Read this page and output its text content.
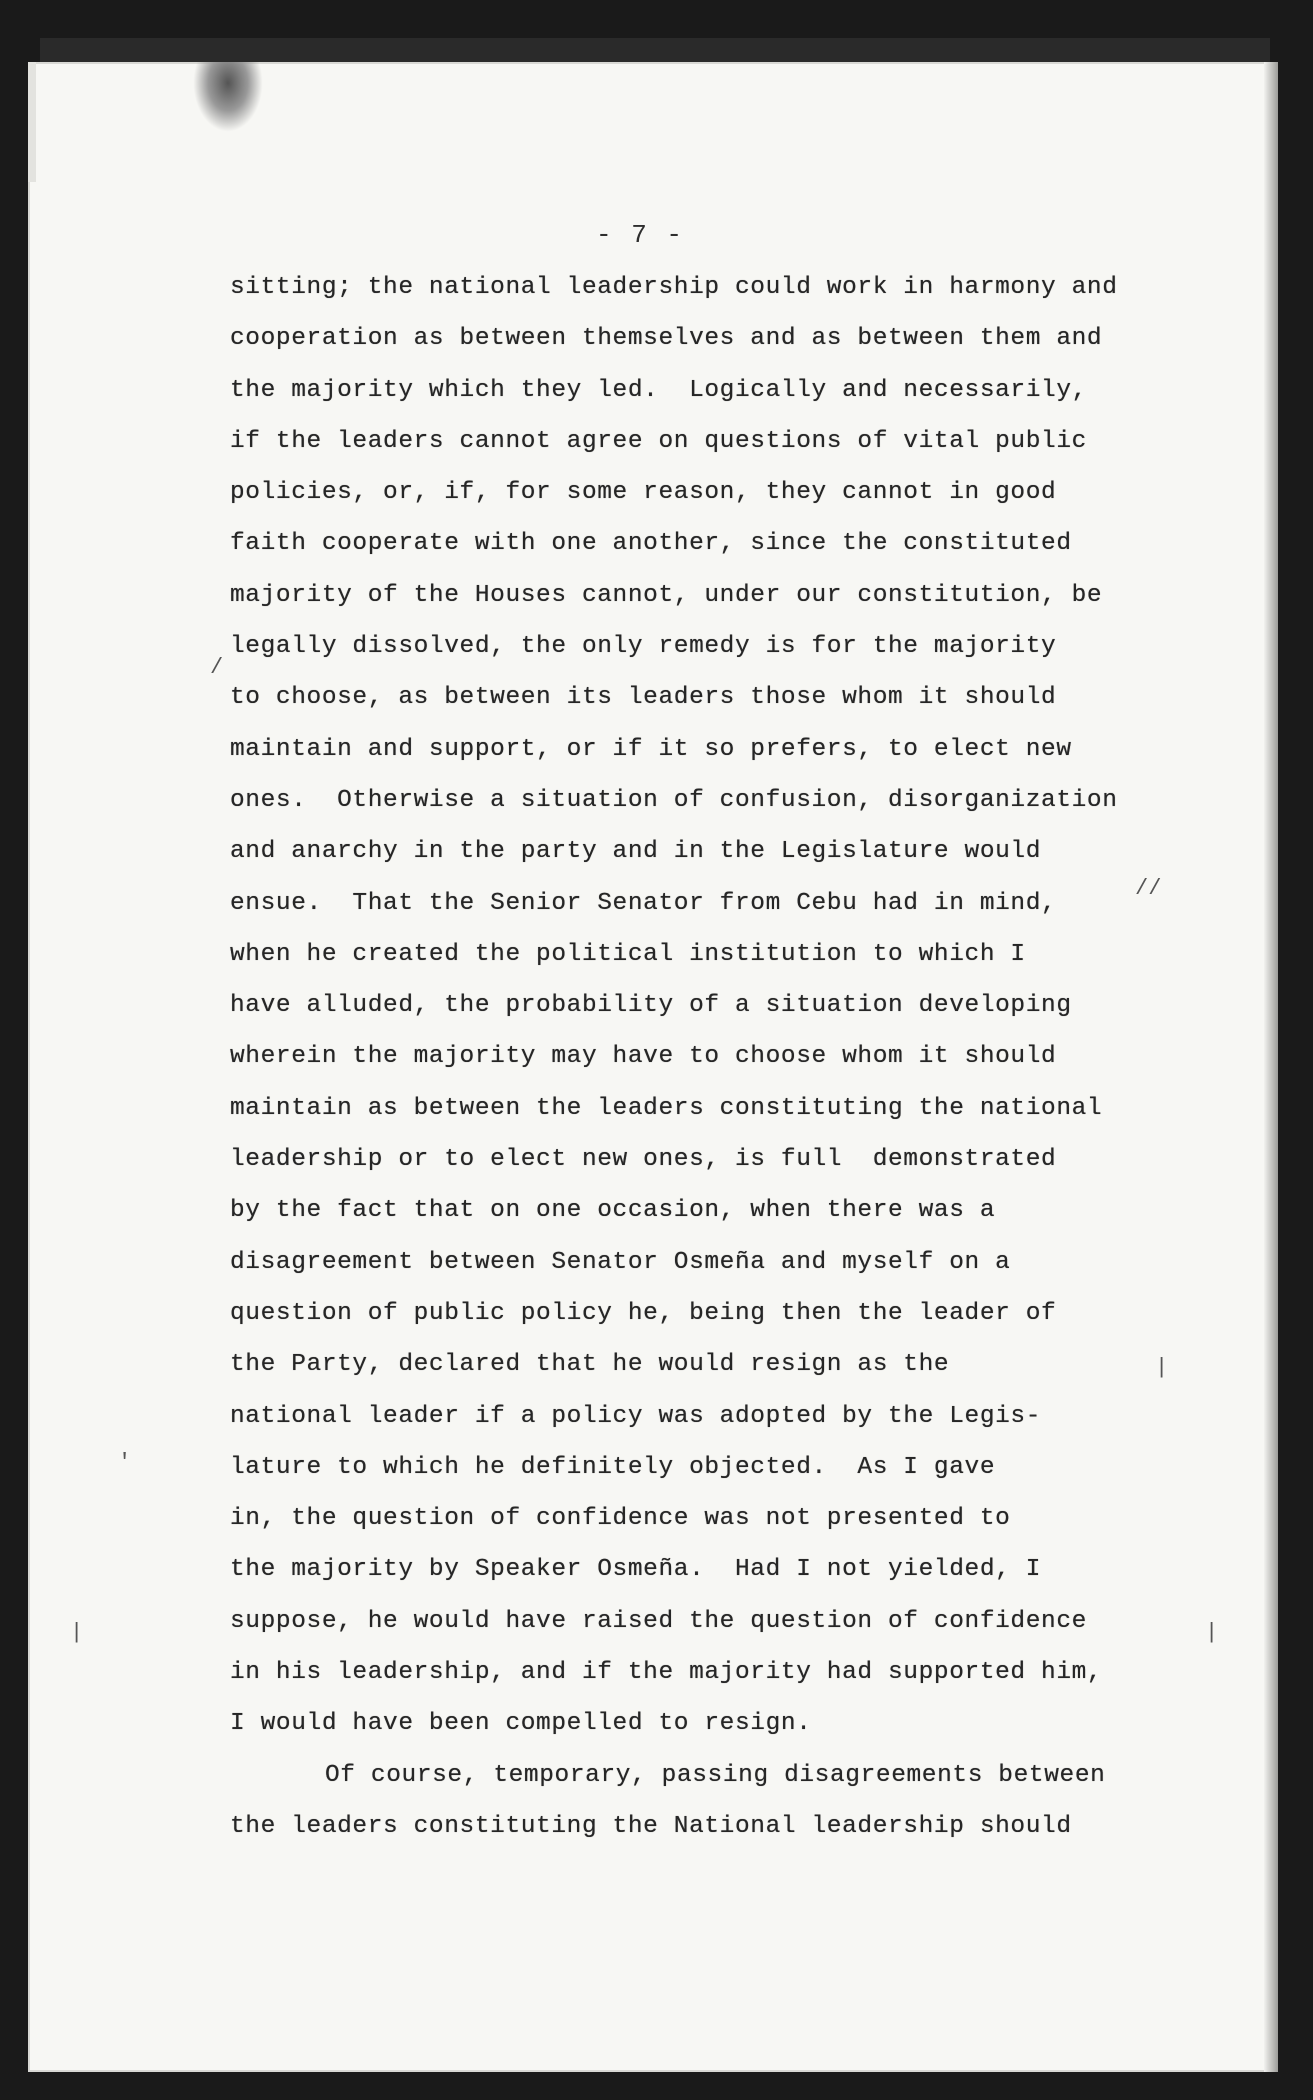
- 7 -
sitting; the national leadership could work in harmony and
cooperation as between themselves and as between them and
the majority which they led.  Logically and necessarily,
if the leaders cannot agree on questions of vital public
policies, or, if, for some reason, they cannot in good
faith cooperate with one another, since the constituted
majority of the Houses cannot, under our constitution, be
legally dissolved, the only remedy is for the majority
to choose, as between its leaders those whom it should
maintain and support, or if it so prefers, to elect new
ones.  Otherwise a situation of confusion, disorganization
and anarchy in the party and in the Legislature would
ensue.  That the Senior Senator from Cebu had in mind,
when he created the political institution to which I
have alluded, the probability of a situation developing
wherein the majority may have to choose whom it should
maintain as between the leaders constituting the national
leadership or to elect new ones, is full  demonstrated
by the fact that on one occasion, when there was a
disagreement between Senator Osmeña and myself on a
question of public policy he, being then the leader of
the Party, declared that he would resign as the
national leader if a policy was adopted by the Legis-
lature to which he definitely objected.  As I gave
in, the question of confidence was not presented to
the majority by Speaker Osmeña.  Had I not yielded, I
suppose, he would have raised the question of confidence
in his leadership, and if the majority had supported him,
I would have been compelled to resign.
Of course, temporary, passing disagreements between
the leaders constituting the National leadership should
/
//
|
|
|
'
